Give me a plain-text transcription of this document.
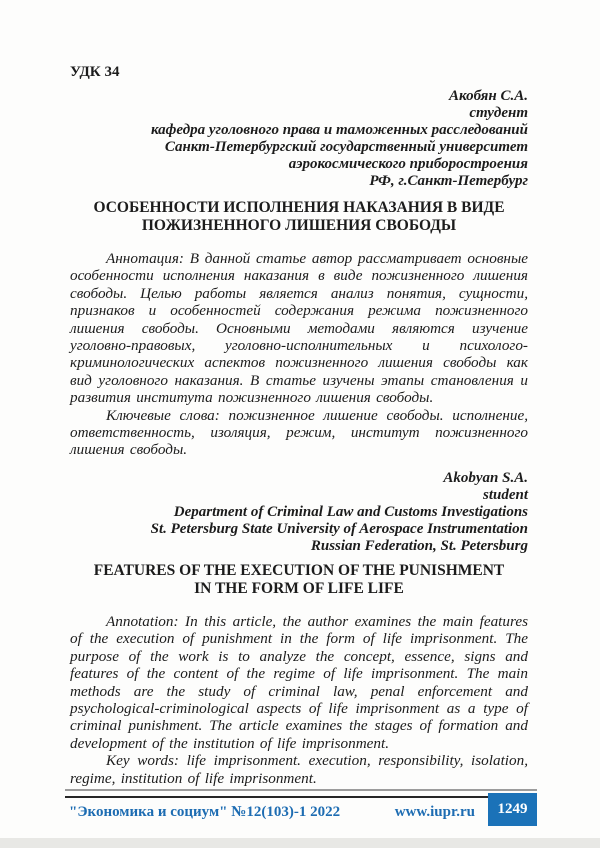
УДК 34
Акобян С.А.
студент
кафедра уголовного права и таможенных расследований
Санкт-Петербургский государственный университет
аэрокосмического приборостроения
РФ, г.Санкт-Петербург
ОСОБЕННОСТИ ИСПОЛНЕНИЯ НАКАЗАНИЯ В ВИДЕ
ПОЖИЗНЕННОГО ЛИШЕНИЯ СВОБОДЫ

Аннотация: В данной статье автор рассматривает основные особенности исполнения наказания в виде пожизненного лишения свободы. Целью работы является анализ понятия, сущности, признаков и особенностей содержания режима пожизненного лишения свободы. Основными методами являются изучение уголовно-правовых, уголовно-исполнительных и психолого-криминологических аспектов пожизненного лишения свободы как вид уголовного наказания. В статье изучены этапы становления и развития института пожизненного лишения свободы.

Ключевые слова: пожизненное лишение свободы. исполнение, ответственность, изоляция, режим, институт пожизненного лишения свободы.

Akobyan S.A.
student
Department of Criminal Law and Customs Investigations
St. Petersburg State University of Aerospace Instrumentation
Russian Federation, St. Petersburg
FEATURES OF THE EXECUTION OF THE PUNISHMENT
IN THE FORM OF LIFE LIFE

Annotation: In this article, the author examines the main features of the execution of punishment in the form of life imprisonment. The purpose of the work is to analyze the concept, essence, signs and features of the content of the regime of life imprisonment. The main methods are the study of criminal law, penal enforcement and psychological-criminological aspects of life imprisonment as a type of criminal punishment. The article examines the stages of formation and development of the institution of life imprisonment.

Key words: life imprisonment. execution, responsibility, isolation, regime, institution of life imprisonment.

"Экономика и социум" №12(103)-1 2022	www.iupr.ru	1249
